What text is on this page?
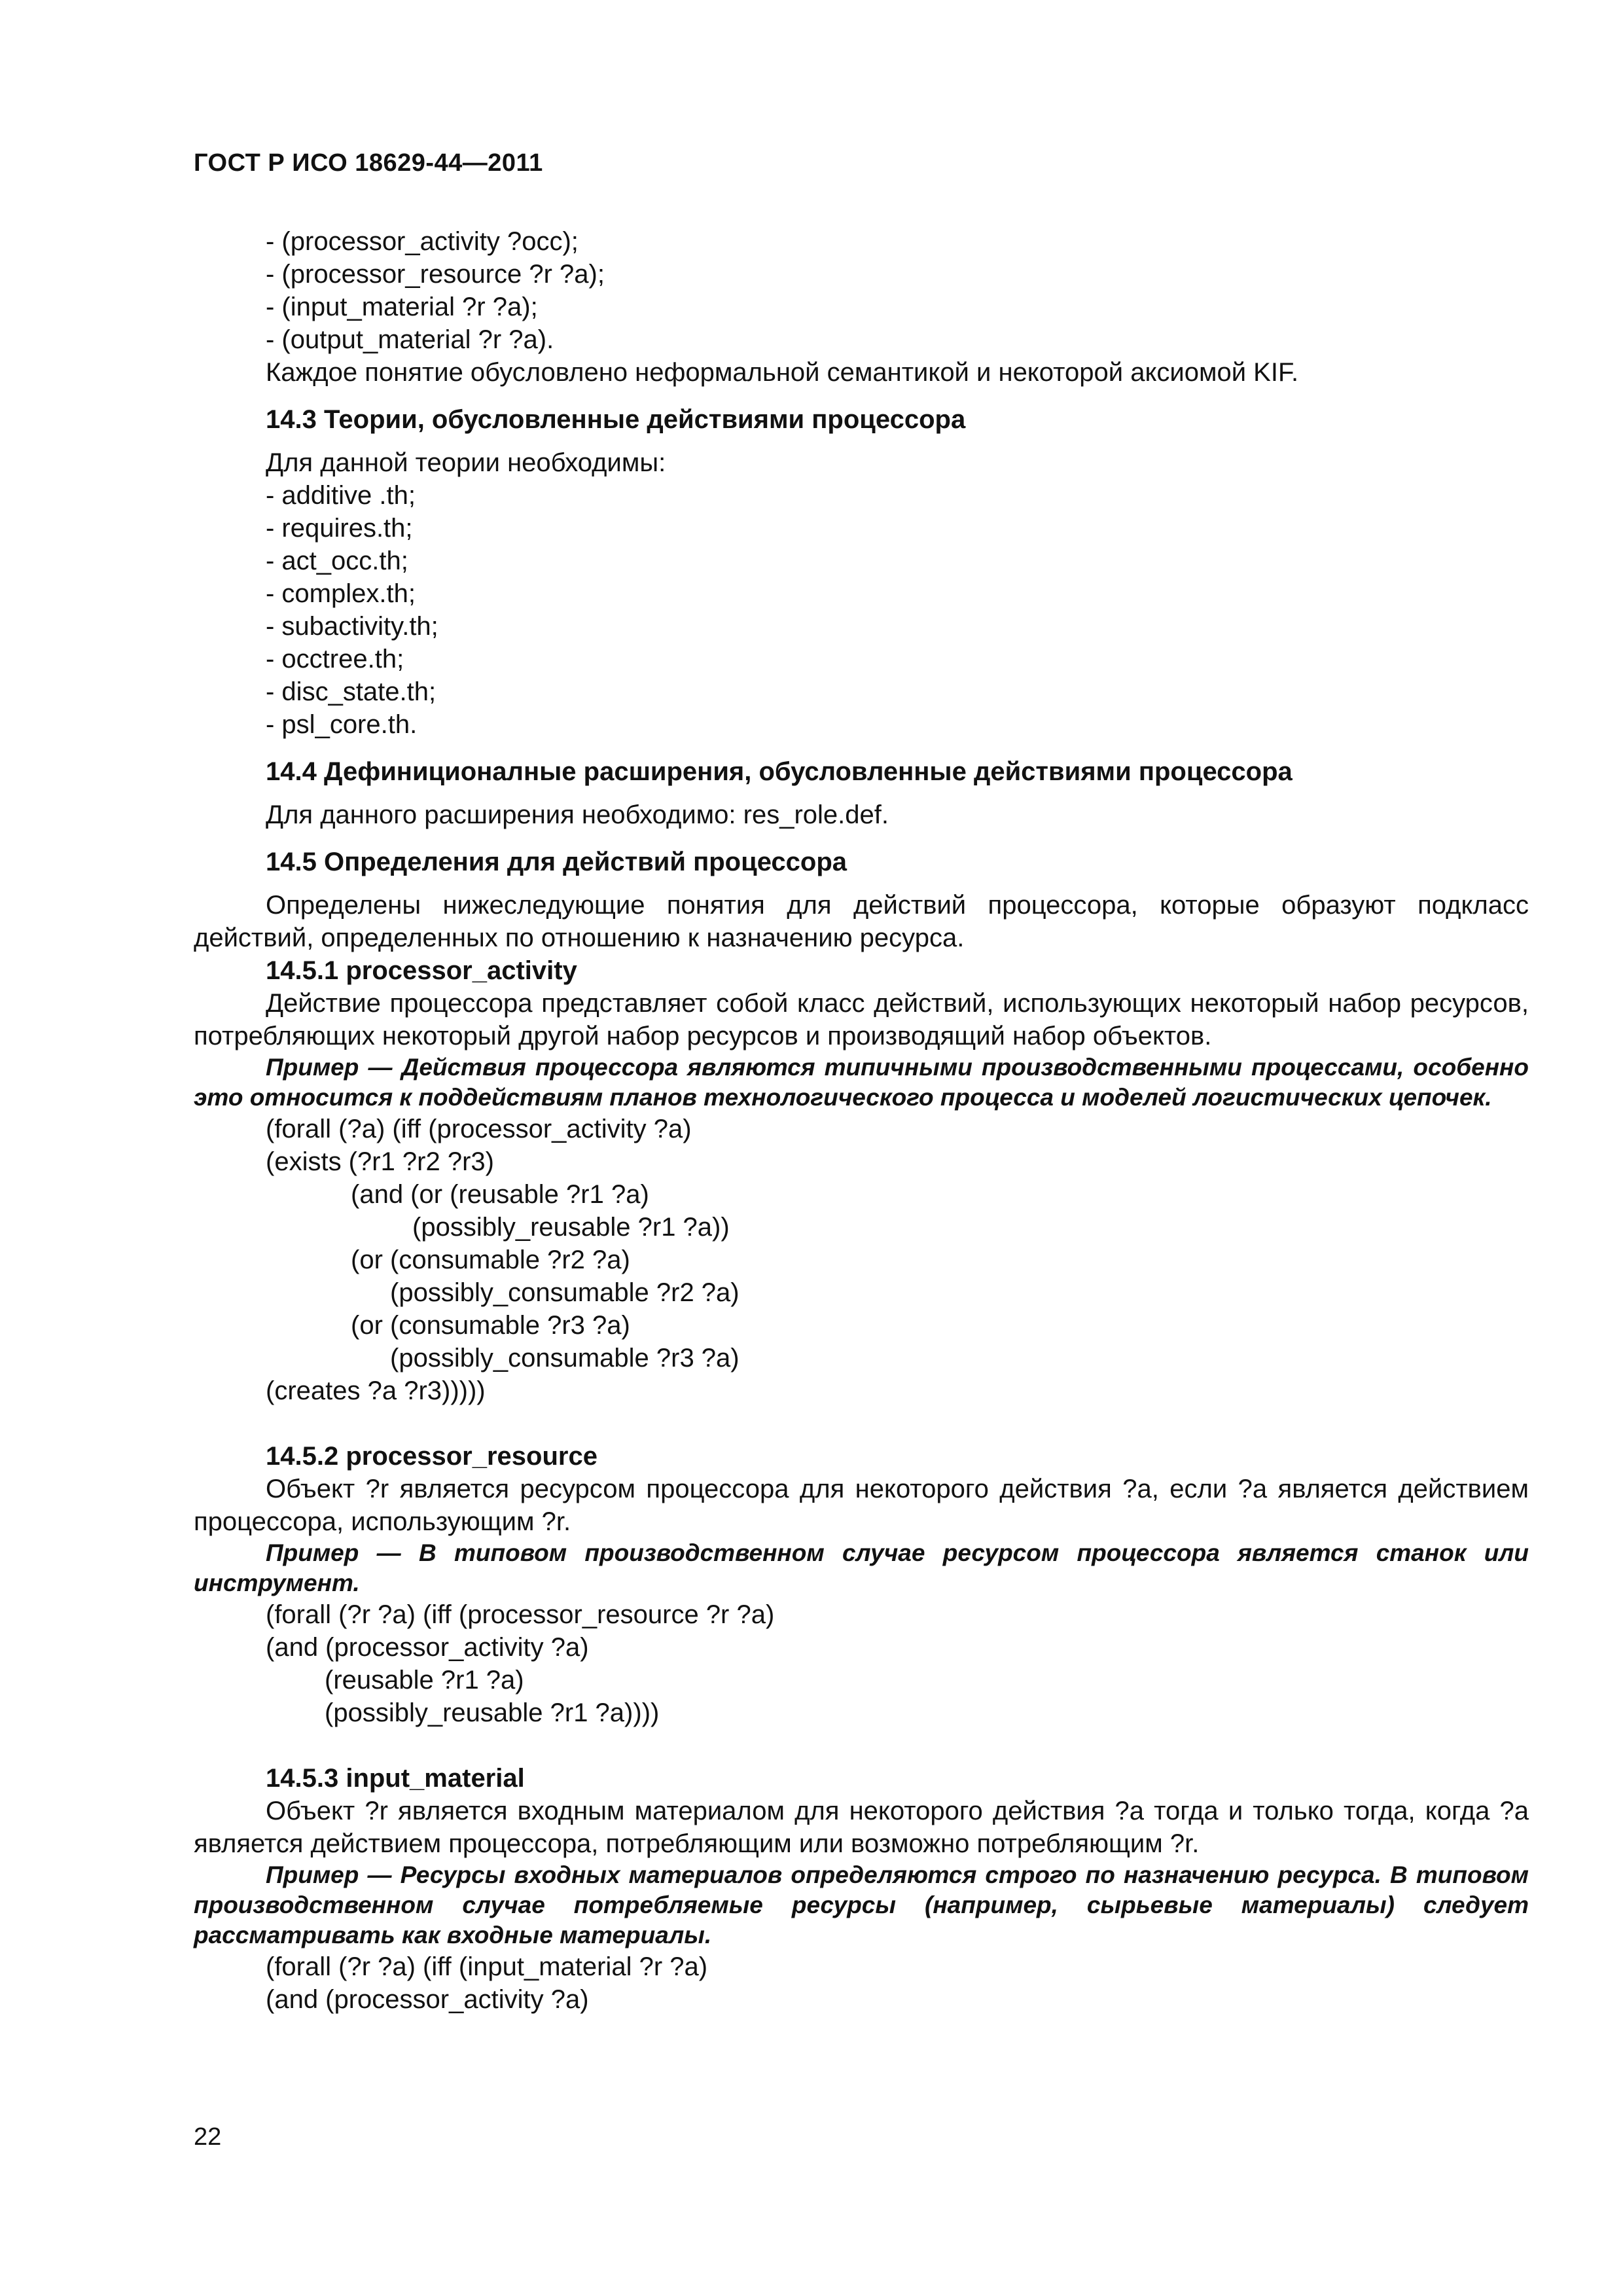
ГОСТ Р ИСО 18629-44—2011
- (processor_activity ?occ);
- (processor_resource ?r ?a);
- (input_material ?r ?a);
- (output_material ?r ?a).
Каждое понятие обусловлено неформальной семантикой и некоторой аксиомой KIF.
14.3 Теории, обусловленные действиями процессора
Для данной теории необходимы:
- additive .th;
- requires.th;
- act_occ.th;
- complex.th;
- subactivity.th;
- occtree.th;
- disc_state.th;
- psl_core.th.
14.4 Дефиниционалные расширения, обусловленные действиями процессора
Для данного расширения необходимо: res_role.def.
14.5 Определения для действий процессора
Определены нижеследующие понятия для действий процессора, которые образуют подкласс действий, определенных по отношению к назначению ресурса.
14.5.1 processor_activity
Действие процессора представляет собой класс действий, использующих некоторый набор ресурсов, потребляющих некоторый другой набор ресурсов и производящий набор объектов.
Пример — Действия процессора являются типичными производственными процессами, особенно это относится к поддействиям планов технологического процесса и моделей логистических цепочек.
(forall (?a) (iff (processor_activity ?a)
(exists (?r1 ?r2 ?r3)
(and (or (reusable ?r1 ?a)
(possibly_reusable ?r1 ?a))
(or (consumable ?r2 ?a)
(possibly_consumable ?r2 ?a)
(or (consumable ?r3 ?a)
(possibly_consumable ?r3 ?a)
(creates ?a ?r3)))))
14.5.2 processor_resource
Объект ?r является ресурсом процессора для некоторого действия ?a, если ?a является действием процессора, использующим ?r.
Пример — В типовом производственном случае ресурсом процессора является станок или инструмент.
(forall (?r ?a) (iff (processor_resource ?r ?a)
(and (processor_activity ?a)
(reusable ?r1 ?a)
(possibly_reusable ?r1 ?a))))
14.5.3 input_material
Объект ?r является входным материалом для некоторого действия ?a тогда и только тогда, когда ?a является действием процессора, потребляющим или возможно потребляющим ?r.
Пример — Ресурсы входных материалов определяются строго по назначению ресурса. В типовом производственном случае потребляемые ресурсы (например, сырьевые материалы) следует рассматривать как входные материалы.
(forall (?r ?a) (iff (input_material ?r ?a)
(and (processor_activity ?a)
22
